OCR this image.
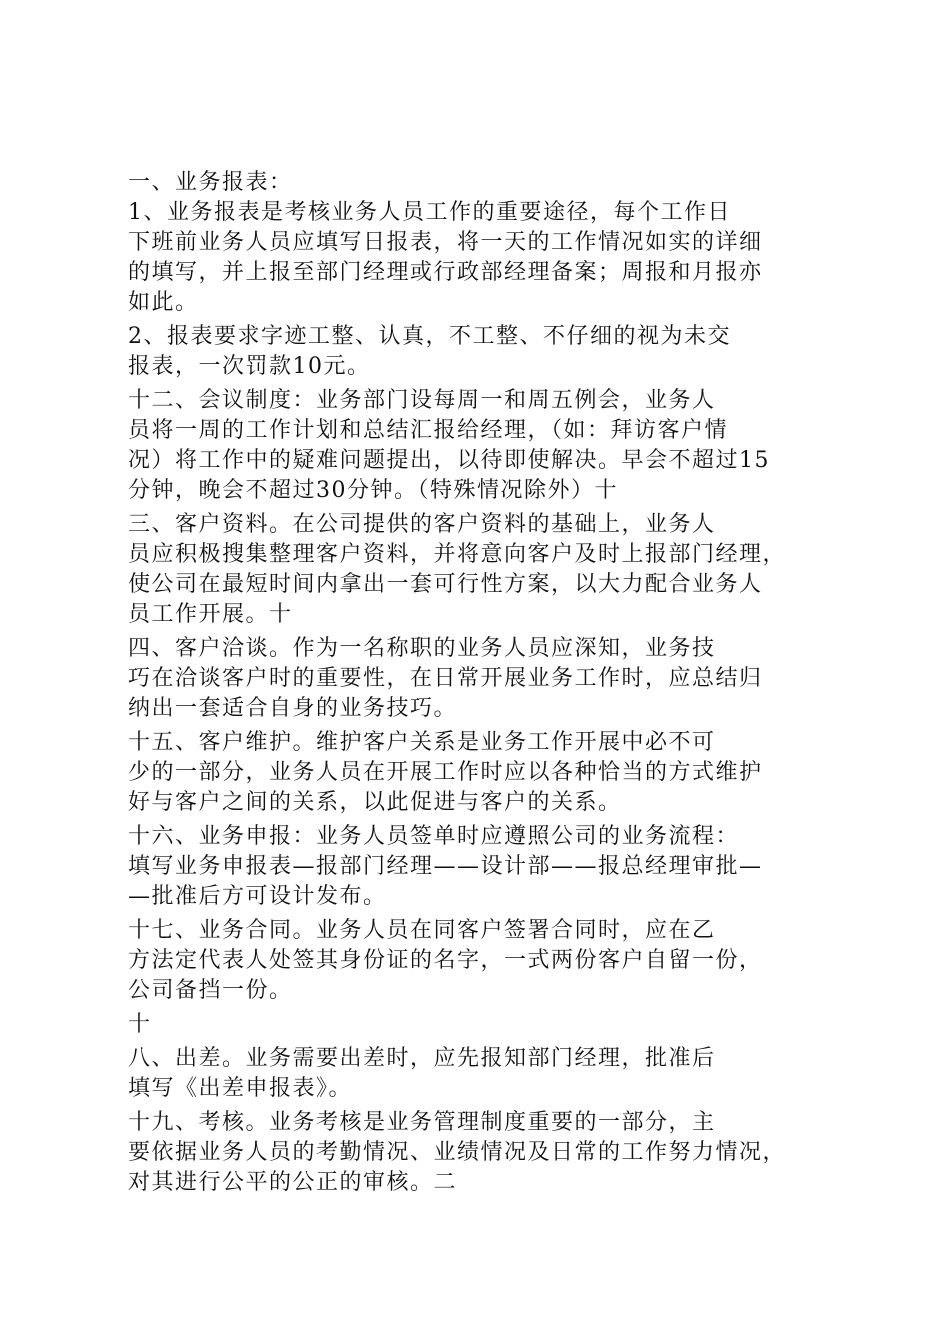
一、业务报表：

1、业务报表是考核业务人员工作的重要途径，每个工作日

下班前业务人员应填写日报表，将一天的工作情况如实的详细

的填写，并上报至部门经理或行政部经理备案；周报和月报亦

如此。

2、报表要求字迹工整、认真，不工整、不仔细的视为未交

报表，一次罚款10元。

十二、会议制度：业务部门设每周一和周五例会，业务人

员将一周的工作计划和总结汇报给经理，（如：拜访客户情

况）将工作中的疑难问题提出，以待即使解决。早会不超过15

分钟，晚会不超过30分钟。（特殊情况除外）十

三、客户资料。在公司提供的客户资料的基础上，业务人

员应积极搜集整理客户资料，并将意向客户及时上报部门经理，

使公司在最短时间内拿出一套可行性方案，以大力配合业务人

员工作开展。十

四、客户洽谈。作为一名称职的业务人员应深知，业务技

巧在洽谈客户时的重要性，在日常开展业务工作时，应总结归

纳出一套适合自身的业务技巧。

十五、客户维护。维护客户关系是业务工作开展中必不可

少的一部分，业务人员在开展工作时应以各种恰当的方式维护

好与客户之间的关系，以此促进与客户的关系。

十六、业务申报：业务人员签单时应遵照公司的业务流程：

填写业务申报表—报部门经理——设计部——报总经理审批—

—批准后方可设计发布。

十七、业务合同。业务人员在同客户签署合同时，应在乙

方法定代表人处签其身份证的名字，一式两份客户自留一份，

公司备挡一份。

十

八、出差。业务需要出差时，应先报知部门经理，批准后

填写《出差申报表》。

十九、考核。业务考核是业务管理制度重要的一部分，主

要依据业务人员的考勤情况、业绩情况及日常的工作努力情况，

对其进行公平的公正的审核。二
